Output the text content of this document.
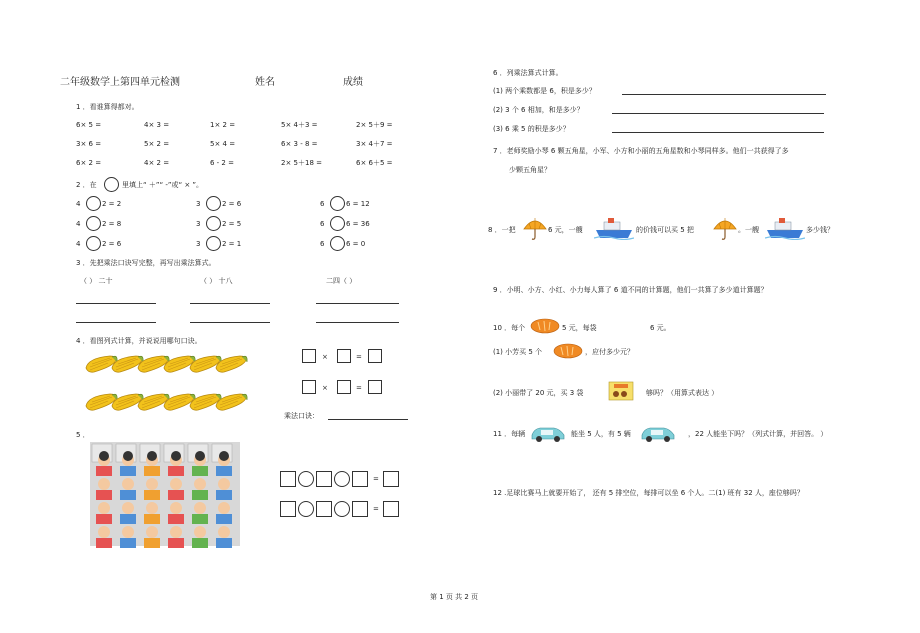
二年级数学上第四单元检测	姓名	成绩
1 ．看谁算得都对。
6× 5 =	4× 3 =	1× 2 =	5× 4＋3 =	2× 5＋9 =
3× 6 =	5× 2 =	5× 4 =	6× 3 - 8 =	3× 4＋7 =
6× 2 =	4× 2 =	6 - 2 =	2× 5＋18 =	6× 6＋5 =
2 ．在	里填上“ ＋”“ -”或“ × ”。
4	2 = 2	3	2 = 6	6	6 = 12
4	2 = 8	3	2 = 5	6	6 = 36
4	2 = 6	3	2 = 1	6	6 = 0
3 ．先把乘法口诀写完整，再写出乘法算式。
（ ） 二十	（ ） 十八	二四（ ）
4 ．看图列式计算，并说说用哪句口诀。
×	=
×	=
乘法口诀：
5 ．
=
=
6 ．列乘法算式计算。
(1) 两个乘数都是 6，积是多少？
(2) 3 个 6 相加，和是多少？
(3) 6 乘 5 的积是多少？
7 ．老师奖励小琴 6 颗五角星，小军、小方和小丽的五角星数和小琴同样多。他们一共获得了多
少颗五角星？
8 ．一把	6 元，一艘	的价钱可以买 5 把	。一艘	多少钱？
9 ．小明、小方、小红、小力每人算了 6 道不同的计算题，他们一共算了多少道计算题？
10 ．每个	5 元，每袋	6 元。
(1) 小芳买 5 个	，应付多少元？
(2) 小丽带了 20 元，买 3 袋	够吗？（用算式表达 ）
11 ．每辆	能坐 5 人，有 5 辆	，22 人能坐下吗？（列式计算，并回答。 ）
12 .足球比赛马上就要开始了， 还有 5 排空位，每排可以坐 6 个人。二(1) 班有 32 人，座位够吗？
第 1 页 共 2 页
